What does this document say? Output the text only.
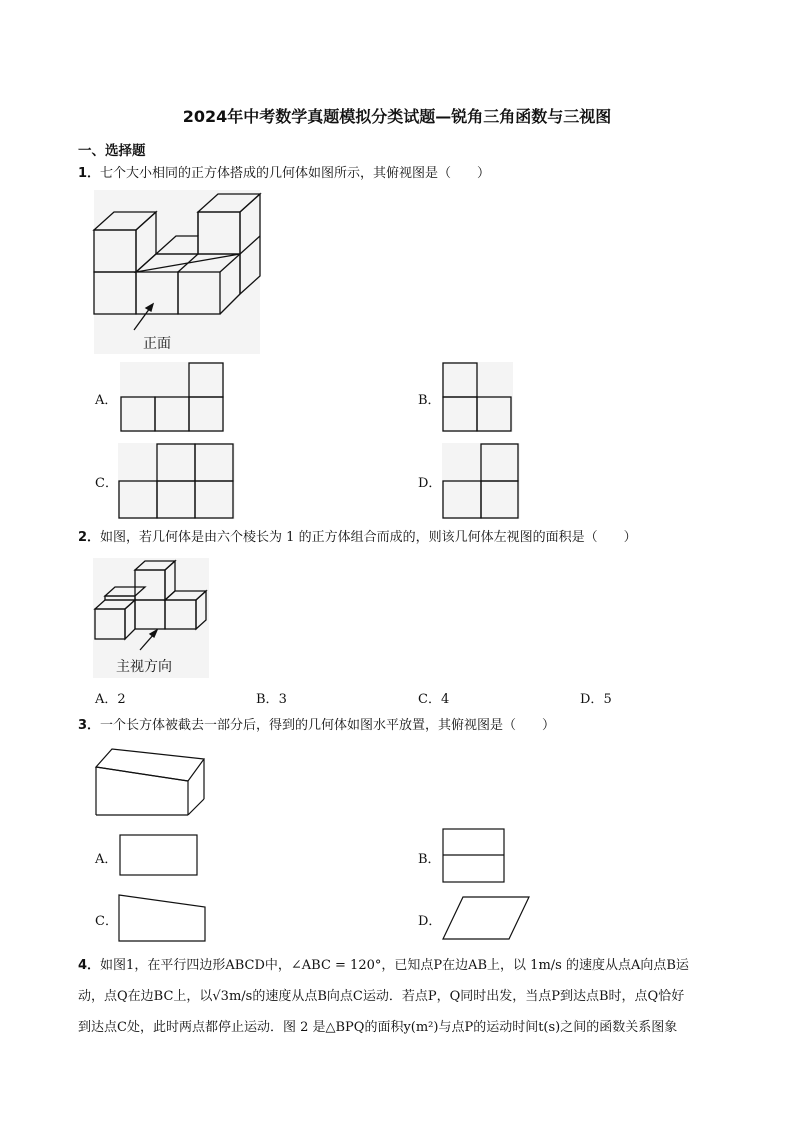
2024年中考数学真题模拟分类试题—锐角三角函数与三视图
一、选择题
1．七个大小相同的正方体搭成的几何体如图所示，其俯视图是（　　）
正面
A．	B．
C．	D．
2．如图，若几何体是由六个棱长为 1 的正方体组合而成的，则该几何体左视图的面积是（　　）
主视方向
A．2	B．3	C．4	D．5
3．一个长方体被截去一部分后，得到的几何体如图水平放置，其俯视图是（　　）
A．	B．
C．	D．
4．如图1，在平行四边形ABCD中，∠ABC = 120°，已知点P在边AB上，以 1m/s 的速度从点A向点B运
动，点Q在边BC上，以√3m/s的速度从点B向点C运动．若点P，Q同时出发，当点P到达点B时，点Q恰好
到达点C处，此时两点都停止运动．图 2 是△BPQ的面积y(m²)与点P的运动时间t(s)之间的函数关系图象
